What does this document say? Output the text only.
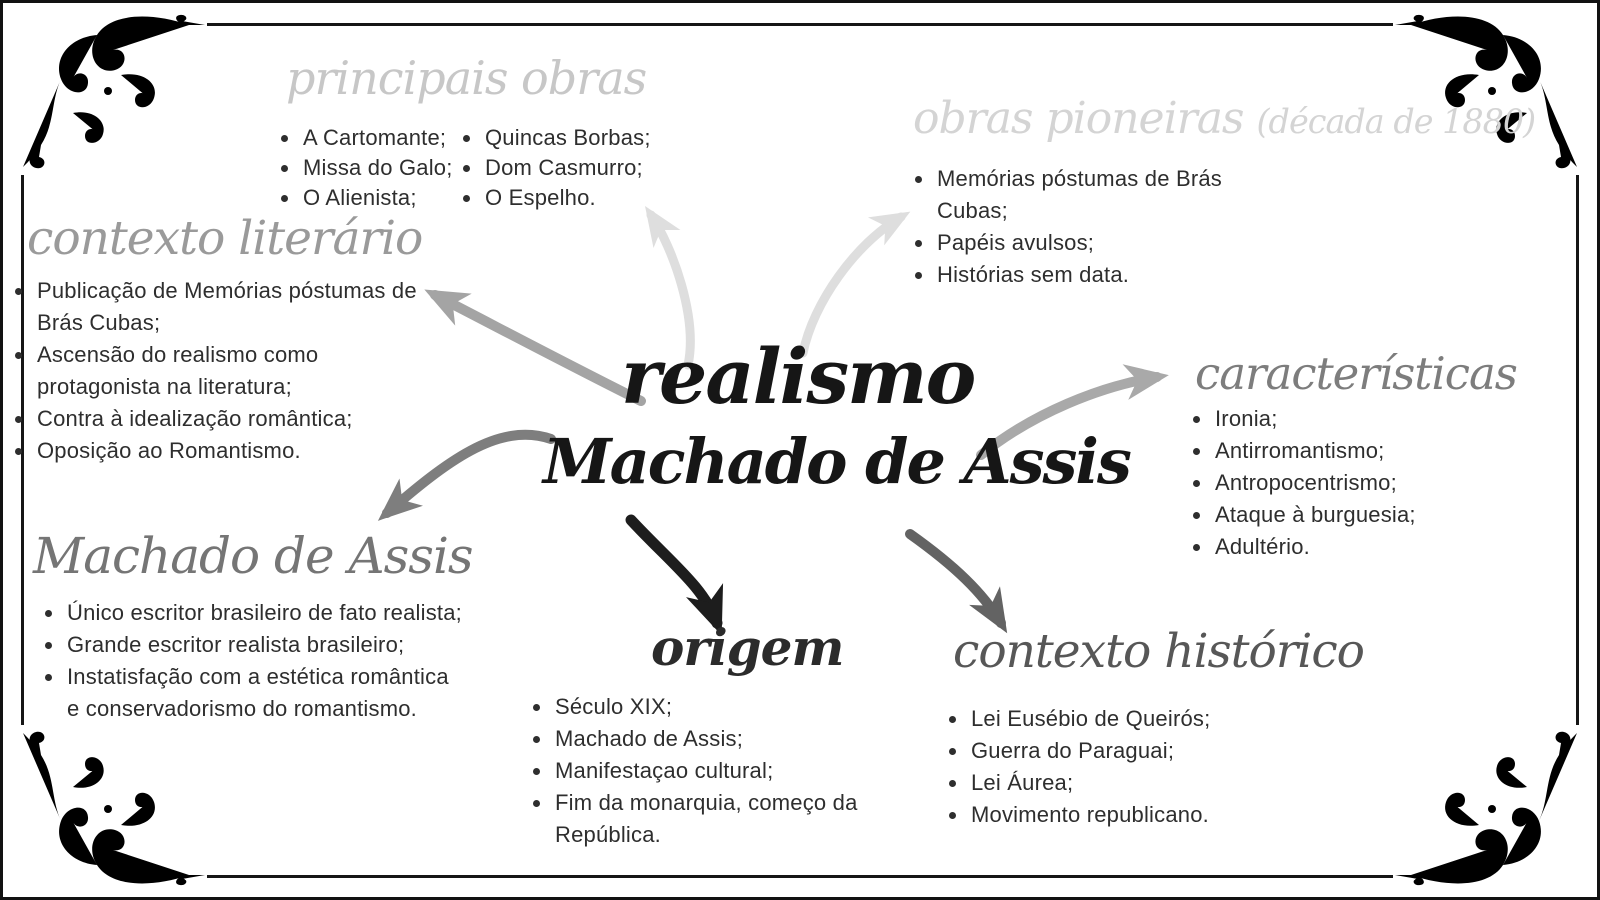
realismo
Machado de Assis
principais obras
• A Cartomante;
• Missa do Galo;
• O Alienista;
• Quincas Borbas;
• Dom Casmurro;
• O Espelho.
obras pioneiras (década de 1880)
• Memórias póstumas de Brás Cubas;
• Papéis avulsos;
• Histórias sem data.
contexto literário
• Publicação de Memórias póstumas de Brás Cubas;
• Ascensão do realismo como protagonista na literatura;
• Contra à idealização romântica;
• Oposição ao Romantismo.
características
• Ironia;
• Antirromantismo;
• Antropocentrismo;
• Ataque à burguesia;
• Adultério.
Machado de Assis
• Único escritor brasileiro de fato realista;
• Grande escritor realista brasileiro;
• Instatisfação com a estética romântica e conservadorismo do romantismo.
origem
• Século XIX;
• Machado de Assis;
• Manifestaçao cultural;
• Fim da monarquia, começo da República.
contexto histórico
• Lei Eusébio de Queirós;
• Guerra do Paraguai;
• Lei Áurea;
• Movimento republicano.
